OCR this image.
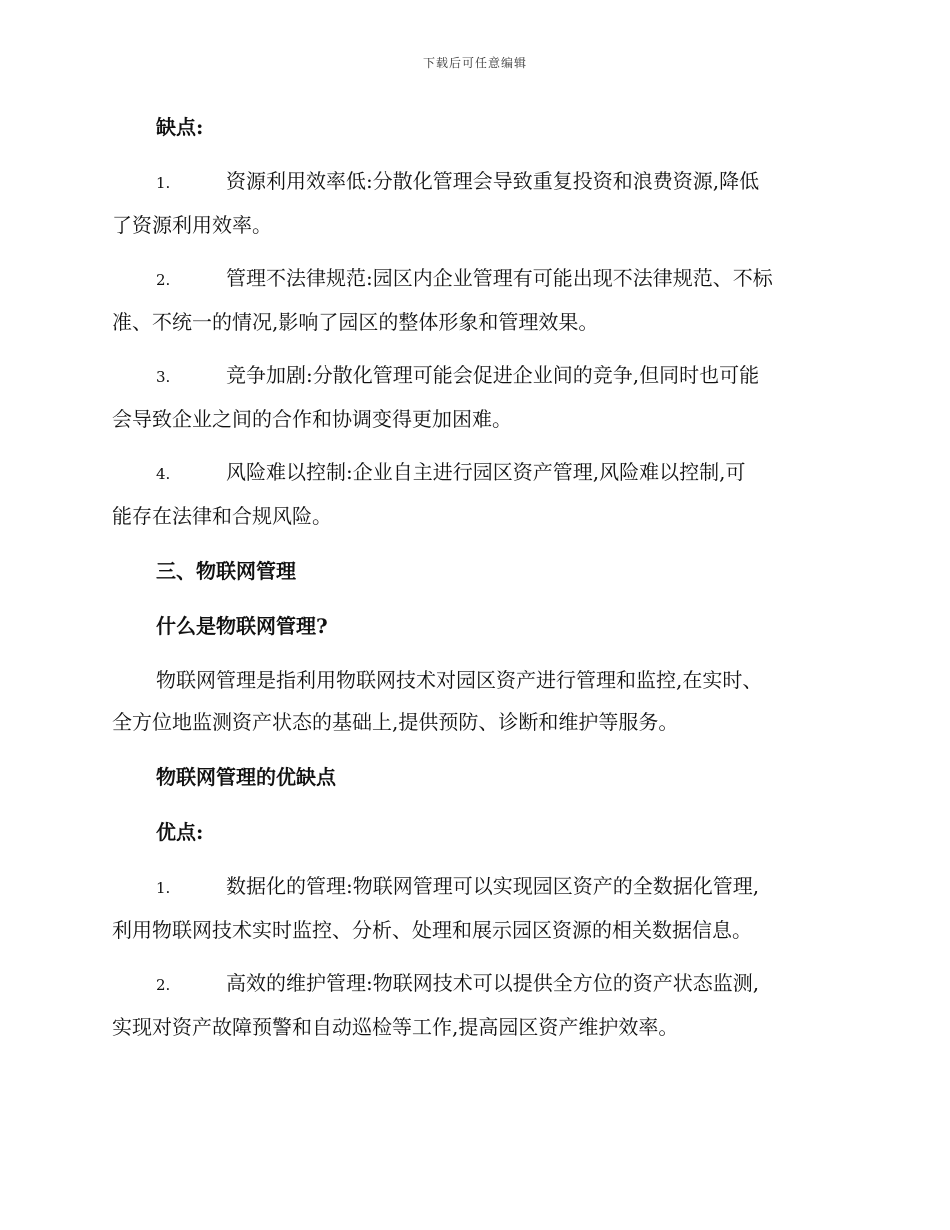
下载后可任意编辑
缺点:
1.	资源利用效率低:分散化管理会导致重复投资和浪费资源,降低
了资源利用效率。
2.	管理不法律规范:园区内企业管理有可能出现不法律规范、不标
准、不统一的情况,影响了园区的整体形象和管理效果。
3.	竞争加剧:分散化管理可能会促进企业间的竞争,但同时也可能
会导致企业之间的合作和协调变得更加困难。
4.	风险难以控制:企业自主进行园区资产管理,风险难以控制,可
能存在法律和合规风险。
三、物联网管理
什么是物联网管理?
物联网管理是指利用物联网技术对园区资产进行管理和监控,在实时、
全方位地监测资产状态的基础上,提供预防、诊断和维护等服务。
物联网管理的优缺点
优点:
1.	数据化的管理:物联网管理可以实现园区资产的全数据化管理,
利用物联网技术实时监控、分析、处理和展示园区资源的相关数据信息。
2.	高效的维护管理:物联网技术可以提供全方位的资产状态监测,
实现对资产故障预警和自动巡检等工作,提高园区资产维护效率。
